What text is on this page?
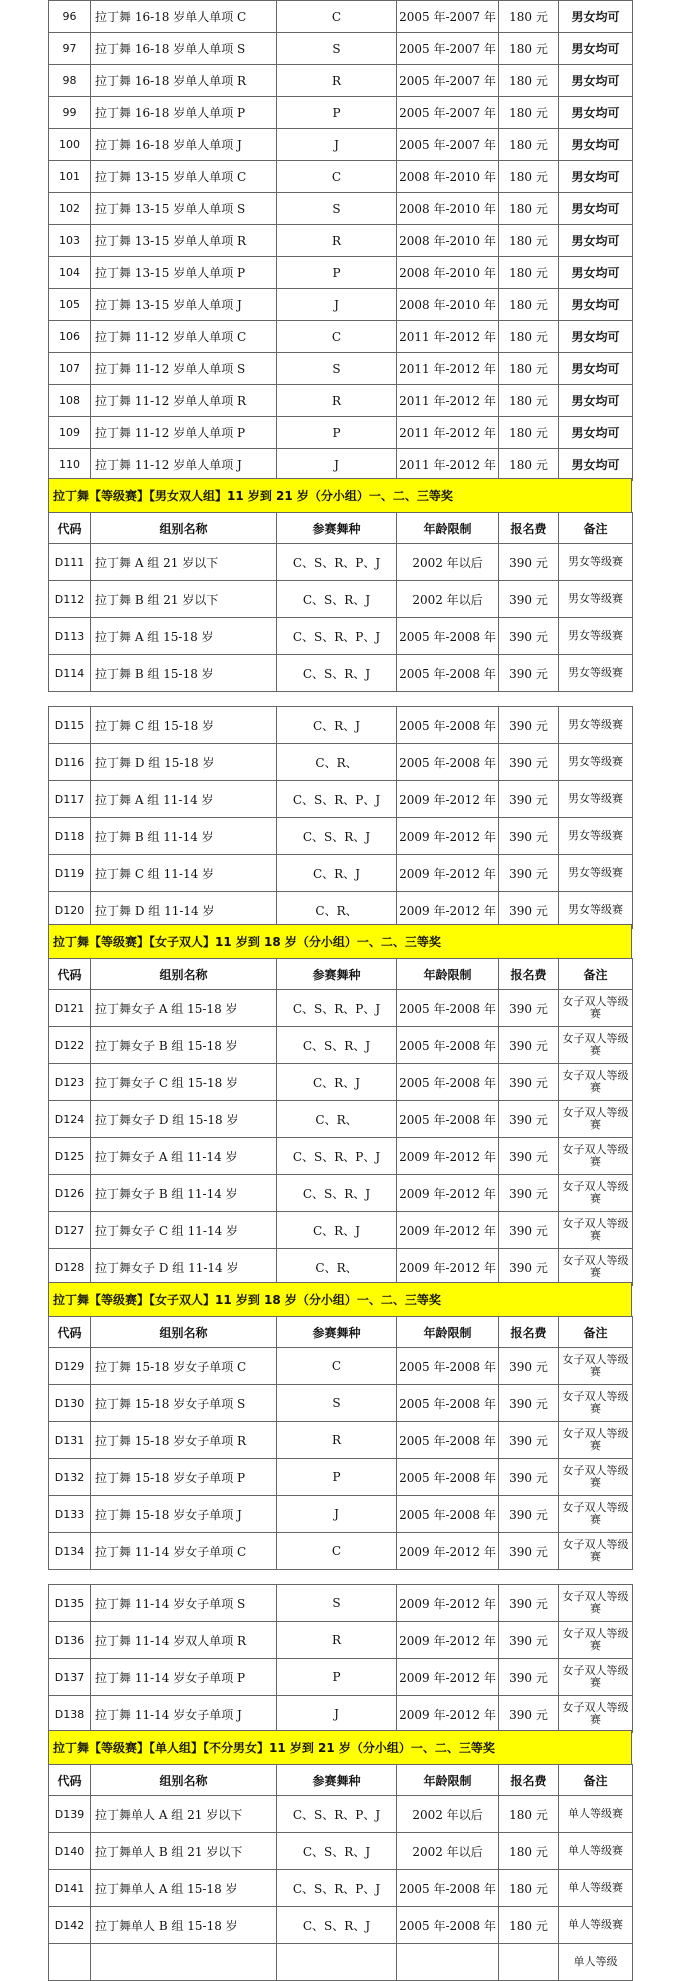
96	拉丁舞 16-18 岁单人单项 C	C	2005 年-2007 年	180 元	男女均可
97	拉丁舞 16-18 岁单人单项 S	S	2005 年-2007 年	180 元	男女均可
98	拉丁舞 16-18 岁单人单项 R	R	2005 年-2007 年	180 元	男女均可
99	拉丁舞 16-18 岁单人单项 P	P	2005 年-2007 年	180 元	男女均可
100	拉丁舞 16-18 岁单人单项 J	J	2005 年-2007 年	180 元	男女均可
101	拉丁舞 13-15 岁单人单项 C	C	2008 年-2010 年	180 元	男女均可
102	拉丁舞 13-15 岁单人单项 S	S	2008 年-2010 年	180 元	男女均可
103	拉丁舞 13-15 岁单人单项 R	R	2008 年-2010 年	180 元	男女均可
104	拉丁舞 13-15 岁单人单项 P	P	2008 年-2010 年	180 元	男女均可
105	拉丁舞 13-15 岁单人单项 J	J	2008 年-2010 年	180 元	男女均可
106	拉丁舞 11-12 岁单人单项 C	C	2011 年-2012 年	180 元	男女均可
107	拉丁舞 11-12 岁单人单项 S	S	2011 年-2012 年	180 元	男女均可
108	拉丁舞 11-12 岁单人单项 R	R	2011 年-2012 年	180 元	男女均可
109	拉丁舞 11-12 岁单人单项 P	P	2011 年-2012 年	180 元	男女均可
110	拉丁舞 11-12 岁单人单项 J	J	2011 年-2012 年	180 元	男女均可
拉丁舞【等级赛】【男女双人组】11 岁到 21 岁（分小组）一、二、三等奖
代码	组别名称	参赛舞种	年龄限制	报名费	备注
D111	拉丁舞 A 组 21 岁以下	C、S、R、P、J	2002 年以后	390 元	男女等级赛
D112	拉丁舞 B 组 21 岁以下	C、S、R、J	2002 年以后	390 元	男女等级赛
D113	拉丁舞 A 组 15-18 岁	C、S、R、P、J	2005 年-2008 年	390 元	男女等级赛
D114	拉丁舞 B 组 15-18 岁	C、S、R、J	2005 年-2008 年	390 元	男女等级赛
D115	拉丁舞 C 组 15-18 岁	C、R、J	2005 年-2008 年	390 元	男女等级赛
D116	拉丁舞 D 组 15-18 岁	C、R、	2005 年-2008 年	390 元	男女等级赛
D117	拉丁舞 A 组 11-14 岁	C、S、R、P、J	2009 年-2012 年	390 元	男女等级赛
D118	拉丁舞 B 组 11-14 岁	C、S、R、J	2009 年-2012 年	390 元	男女等级赛
D119	拉丁舞 C 组 11-14 岁	C、R、J	2009 年-2012 年	390 元	男女等级赛
D120	拉丁舞 D 组 11-14 岁	C、R、	2009 年-2012 年	390 元	男女等级赛
拉丁舞【等级赛】【女子双人】11 岁到 18 岁（分小组）一、二、三等奖
代码	组别名称	参赛舞种	年龄限制	报名费	备注
D121	拉丁舞女子 A 组 15-18 岁	C、S、R、P、J	2005 年-2008 年	390 元	女子双人等级赛
D122	拉丁舞女子 B 组 15-18 岁	C、S、R、J	2005 年-2008 年	390 元	女子双人等级赛
D123	拉丁舞女子 C 组 15-18 岁	C、R、J	2005 年-2008 年	390 元	女子双人等级赛
D124	拉丁舞女子 D 组 15-18 岁	C、R、	2005 年-2008 年	390 元	女子双人等级赛
D125	拉丁舞女子 A 组 11-14 岁	C、S、R、P、J	2009 年-2012 年	390 元	女子双人等级赛
D126	拉丁舞女子 B 组 11-14 岁	C、S、R、J	2009 年-2012 年	390 元	女子双人等级赛
D127	拉丁舞女子 C 组 11-14 岁	C、R、J	2009 年-2012 年	390 元	女子双人等级赛
D128	拉丁舞女子 D 组 11-14 岁	C、R、	2009 年-2012 年	390 元	女子双人等级赛
拉丁舞【等级赛】【女子双人】11 岁到 18 岁（分小组）一、二、三等奖
代码	组别名称	参赛舞种	年龄限制	报名费	备注
D129	拉丁舞 15-18 岁女子单项 C	C	2005 年-2008 年	390 元	女子双人等级赛
D130	拉丁舞 15-18 岁女子单项 S	S	2005 年-2008 年	390 元	女子双人等级赛
D131	拉丁舞 15-18 岁女子单项 R	R	2005 年-2008 年	390 元	女子双人等级赛
D132	拉丁舞 15-18 岁女子单项 P	P	2005 年-2008 年	390 元	女子双人等级赛
D133	拉丁舞 15-18 岁女子单项 J	J	2005 年-2008 年	390 元	女子双人等级赛
D134	拉丁舞 11-14 岁女子单项 C	C	2009 年-2012 年	390 元	女子双人等级赛
D135	拉丁舞 11-14 岁女子单项 S	S	2009 年-2012 年	390 元	女子双人等级赛
D136	拉丁舞 11-14 岁双人单项 R	R	2009 年-2012 年	390 元	女子双人等级赛
D137	拉丁舞 11-14 岁女子单项 P	P	2009 年-2012 年	390 元	女子双人等级赛
D138	拉丁舞 11-14 岁女子单项 J	J	2009 年-2012 年	390 元	女子双人等级赛
拉丁舞【等级赛】【单人组】【不分男女】11 岁到 21 岁（分小组）一、二、三等奖
代码	组别名称	参赛舞种	年龄限制	报名费	备注
D139	拉丁舞单人 A 组 21 岁以下	C、S、R、P、J	2002 年以后	180 元	单人等级赛
D140	拉丁舞单人 B 组 21 岁以下	C、S、R、J	2002 年以后	180 元	单人等级赛
D141	拉丁舞单人 A 组 15-18 岁	C、S、R、P、J	2005 年-2008 年	180 元	单人等级赛
D142	拉丁舞单人 B 组 15-18 岁	C、S、R、J	2005 年-2008 年	180 元	单人等级赛
					单人等级
